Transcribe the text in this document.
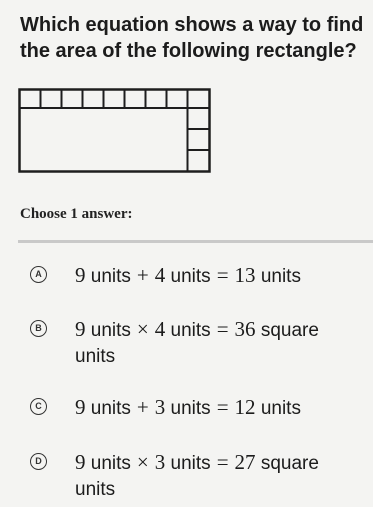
Which equation shows a way to find the area of the following rectangle?
Choose 1 answer:
A 9 units + 4 units = 13 units

B 9 units × 4 units = 36 square
units
C 9 units + 3 units = 12 units

D 9 units × 3 units = 27 square
units
